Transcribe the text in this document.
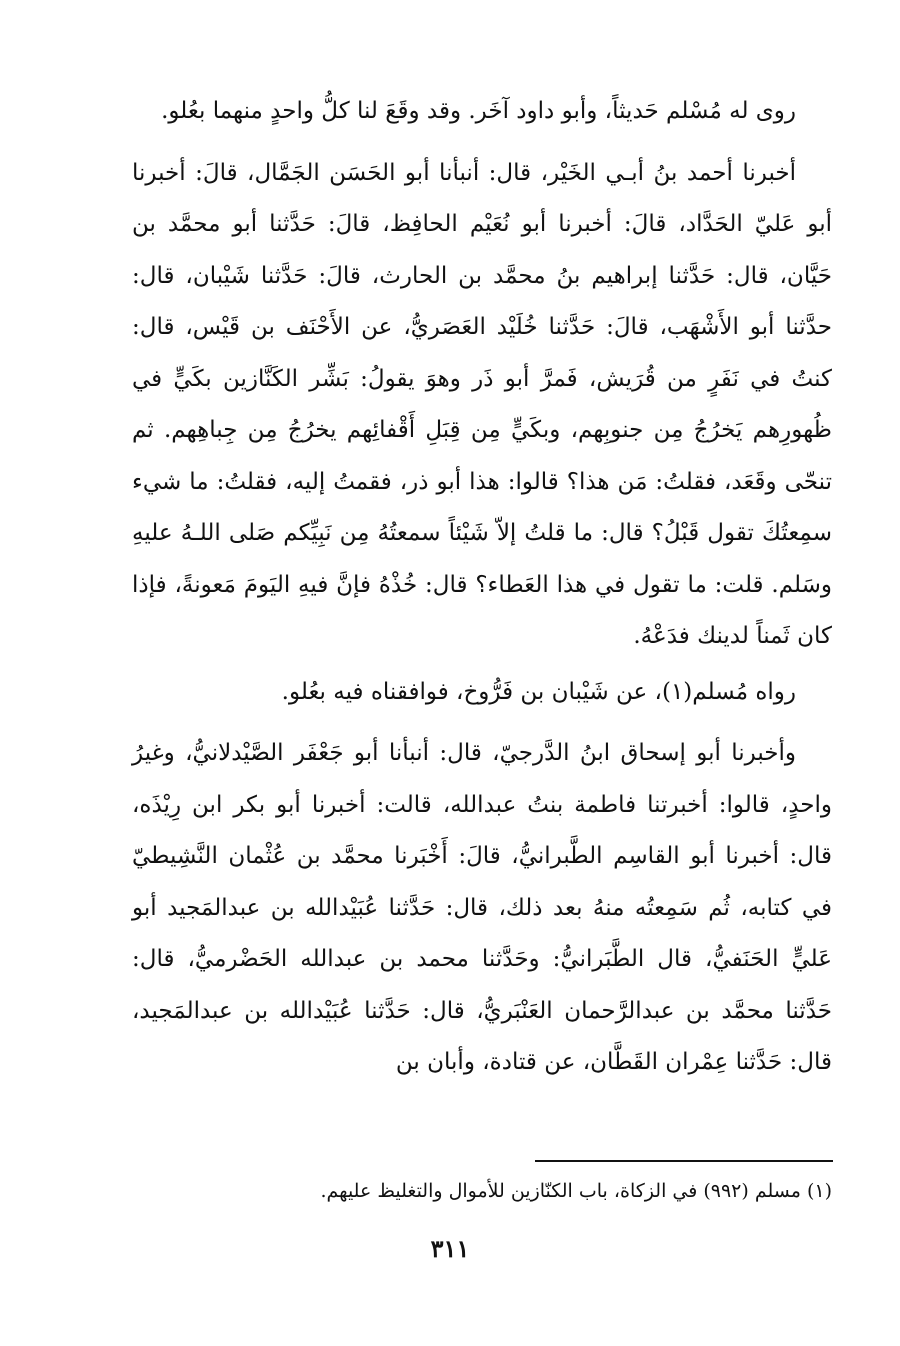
روى له مُسْلم حَديثاً، وأبو داود آخَر. وقد وقَعَ لنا كلُّ واحدٍ منهما بعُلو.

أخبرنا أحمد بنُ أبـي الخَيْر، قال: أنبأنا أبو الحَسَن الجَمَّال، قالَ: أخبرنا أبو عَليّ الحَدَّاد، قالَ: أخبرنا أبو نُعَيْم الحافِظ، قالَ: حَدَّثنا أبو محمَّد بن حَيَّان، قال: حَدَّثنا إبراهيم بنُ محمَّد بن الحارث، قالَ: حَدَّثنا شَيْبان، قال: حدَّثنا أبو الأَشْهَب، قالَ: حَدَّثنا خُلَيْد العَصَريُّ، عن الأَحْنَف بن قَيْس، قال: كنتُ في نَفَرٍ من قُرَيش، فَمرَّ أبو ذَر وهوَ يقولُ: بَشِّر الكَنَّازين بكَيٍّ في ظُهورِهم يَخرُجُ مِن جنوبِهم، وبكَيٍّ مِن قِبَلِ أَقْفائِهم يخرُجُ مِن جِباهِهم. ثم تنحّى وقَعَد، فقلتُ: مَن هذا؟ قالوا: هذا أبو ذر، فقمتُ إليه، فقلتُ: ما شيء سمِعتُكَ تقول قَبْلُ؟ قال: ما قلتُ إلاّ شَيْئاً سمعتُهُ مِن نَبِيِّكم صَلى اللـهُ عليهِ وسَلم. قلت: ما تقول في هذا العَطاء؟ قال: خُذْهُ فإنَّ فيهِ اليَومَ مَعونةً، فإذا كان ثَمناً لدينك فدَعْهُ.

رواه مُسلم(١)، عن شَيْبان بن فَرُّوخ، فوافقناه فيه بعُلو.

وأخبرنا أبو إسحاق ابنُ الدَّرجيّ، قال: أنبأنا أبو جَعْفَر الصَّيْدلانيُّ، وغيرُ واحدٍ، قالوا: أخبرتنا فاطمة بنتُ عبدالله، قالت: أخبرنا أبو بكر ابن رِيْذَه، قال: أخبرنا أبو القاسِم الطَّبرانيُّ، قالَ: أَخْبَرنا محمَّد بن عُثْمان النَّشِيطيّ في كتابه، ثُم سَمِعتُه منهُ بعد ذلك، قال: حَدَّثنا عُبَيْدالله بن عبدالمَجيد أبو عَليٍّ الحَنَفيُّ، قال الطَّبَرانيُّ: وحَدَّثنا محمد بن عبدالله الحَضْرميُّ، قال: حَدَّثنا محمَّد بن عبدالرَّحمان العَنْبَريُّ، قال: حَدَّثنا عُبَيْدالله بن عبدالمَجيد، قال: حَدَّثنا عِمْران القَطَّان، عن قتادة، وأبان بن

(١) مسلم (٩٩٢) في الزكاة، باب الكنّازين للأموال والتغليظ عليهم.
٣١١
